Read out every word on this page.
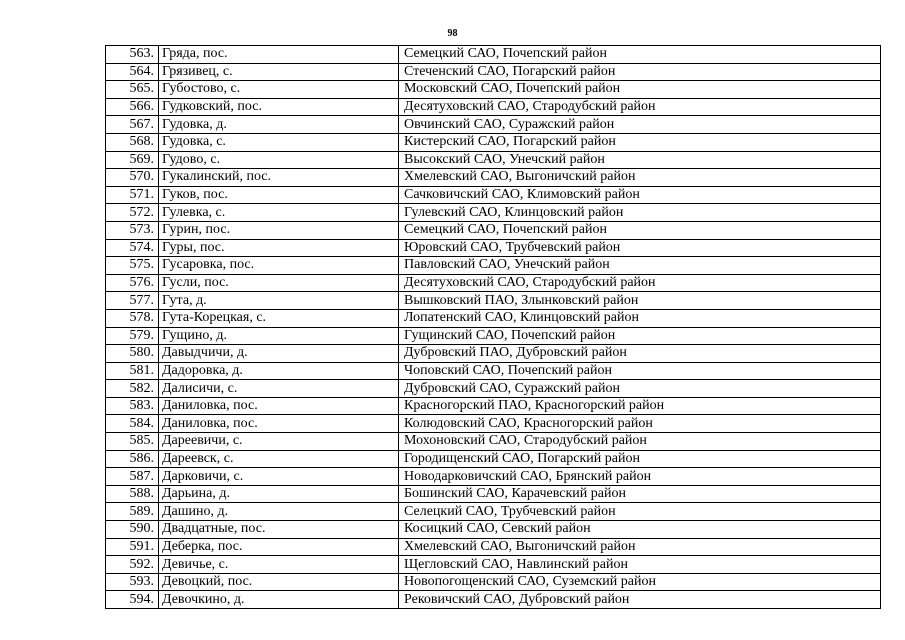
98
563.	Гряда, пос.	Семецкий САО, Почепский район
564.	Грязивец, с.	Стеченский САО, Погарский район
565.	Губостово, с.	Московский САО, Почепский район
566.	Гудковский, пос.	Десятуховский САО, Стародубский район
567.	Гудовка, д.	Овчинский САО, Суражский район
568.	Гудовка, с.	Кистерский САО, Погарский район
569.	Гудово, с.	Высокский САО, Унечский район
570.	Гукалинский, пос.	Хмелевский САО, Выгоничский район
571.	Гуков, пос.	Сачковичский САО, Климовский район
572.	Гулевка, с.	Гулевский САО, Клинцовский район
573.	Гурин, пос.	Семецкий САО, Почепский район
574.	Гуры, пос.	Юровский САО, Трубчевский район
575.	Гусаровка, пос.	Павловский САО, Унечский район
576.	Гусли, пос.	Десятуховский САО, Стародубский район
577.	Гута, д.	Вышковский ПАО, Злынковский район
578.	Гута-Корецкая, с.	Лопатенский САО, Клинцовский район
579.	Гущино, д.	Гущинский САО, Почепский район
580.	Давыдчичи, д.	Дубровский ПАО, Дубровский район
581.	Дадоровка, д.	Чоповский САО, Почепский район
582.	Далисичи, с.	Дубровский САО, Суражский район
583.	Даниловка, пос.	Красногорский ПАО, Красногорский район
584.	Даниловка, пос.	Колюдовский САО, Красногорский район
585.	Дареевичи, с.	Мохоновский САО, Стародубский район
586.	Дареевск, с.	Городищенский САО, Погарский район
587.	Дарковичи, с.	Новодарковичский САО, Брянский район
588.	Дарьина, д.	Бошинский САО, Карачевский район
589.	Дашино, д.	Селецкий САО, Трубчевский район
590.	Двадцатные, пос.	Косицкий САО, Севский район
591.	Деберка, пос.	Хмелевский САО, Выгоничский район
592.	Девичье, с.	Щегловский САО, Навлинский район
593.	Девоцкий, пос.	Новопогощенский САО, Суземский район
594.	Девочкино, д.	Рековичский САО, Дубровский район
